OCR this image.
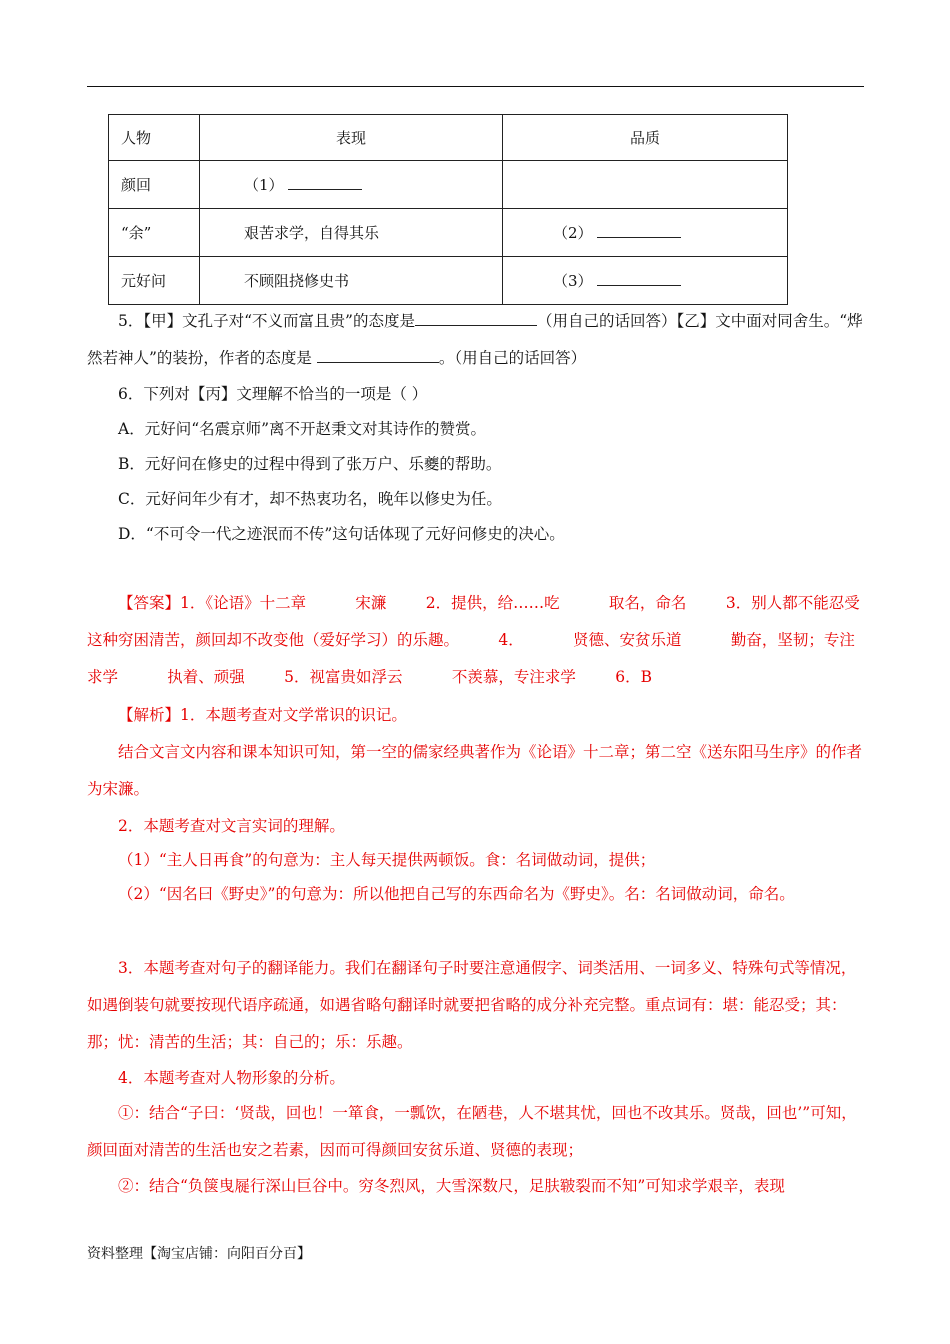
人物	表现	品质
颜回	（1）	
“余”	艰苦求学，自得其乐	（2）
元好问	不顾阻挠修史书	（3）
5．【甲】文孔子对“不义而富且贵”的态度是	（用自己的话回答）【乙】文中面对同舍生。“烨然若神人”的装扮，作者的态度是	。（用自己的话回答）
6．下列对【丙】文理解不恰当的一项是（ ）
A．元好问“名震京师”离不开赵秉文对其诗作的赞赏。
B．元好问在修史的过程中得到了张万户、乐夔的帮助。
C．元好问年少有才，却不热衷功名，晚年以修史为任。
D．“不可令一代之迹泯而不传”这句话体现了元好问修史的决心。
【答案】1．《论语》十二章          宋濂        2．提供，给……吃          取名，命名        3．别人都不能忍受这种穷困清苦，颜回却不改变他（爱好学习）的乐趣。        4．          贤德、安贫乐道          勤奋，坚韧；专注求学          执着、顽强        5．视富贵如浮云          不羡慕，专注求学        6．B
【解析】1．本题考查对文学常识的识记。
结合文言文内容和课本知识可知，第一空的儒家经典著作为《论语》十二章；第二空《送东阳马生序》的作者为宋濂。
2．本题考查对文言实词的理解。
（1）“主人日再食”的句意为：主人每天提供两顿饭。食：名词做动词，提供；
（2）“因名曰《野史》”的句意为：所以他把自己写的东西命名为《野史》。名：名词做动词，命名。
3．本题考查对句子的翻译能力。我们在翻译句子时要注意通假字、词类活用、一词多义、特殊句式等情况，如遇倒装句就要按现代语序疏通，如遇省略句翻译时就要把省略的成分补充完整。重点词有：堪：能忍受；其：那；忧：清苦的生活；其：自己的；乐：乐趣。
4．本题考查对人物形象的分析。
①：结合“子曰：‘贤哉，回也！一箪食，一瓢饮，在陋巷，人不堪其忧，回也不改其乐。贤哉，回也’”可知，颜回面对清苦的生活也安之若素，因而可得颜回安贫乐道、贤德的表现；
②：结合“负箧曳屣行深山巨谷中。穷冬烈风，大雪深数尺，足肤皲裂而不知”可知求学艰辛，表现
资料整理【淘宝店铺：向阳百分百】
